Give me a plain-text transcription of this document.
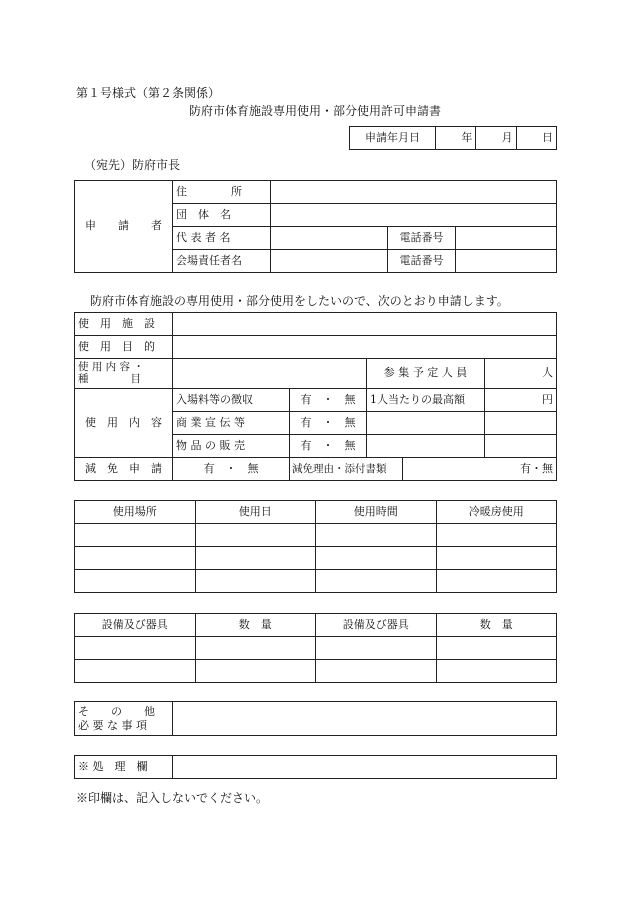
第１号様式（第２条関係）
防府市体育施設専用使用・部分使用許可申請書
申請年月日	年	月	日
（宛先）防府市長
申　　請　　者	住　　　　所			
	団　体　名			
	代 表 者 名		電話番号	
	会場責任者名		電話番号	
防府市体育施設の専用使用・部分使用をしたいので、次のとおり申請します。
使　用　施　設				
使　用　目　的				

使 用 内 容 ・
種　　　　目			参 集 予 定 人 員	人
使　用　内　容	入場料等の徴収	有　・　無	1人当たりの最高額	円
	商 業 宣 伝 等	有　・　無		
	物 品 の 販 売	有　・　無		
減　免　申　請	有　・　無	減免理由・添付書類 有・無		
使用場所	使用日	使用時間	冷暖房使用

設備及び器具	数　量	設備及び器具	数　量

そ　　の　　他
必 要 な 事 項

※ 処　理　欄	
※印欄は、記入しないでください。
